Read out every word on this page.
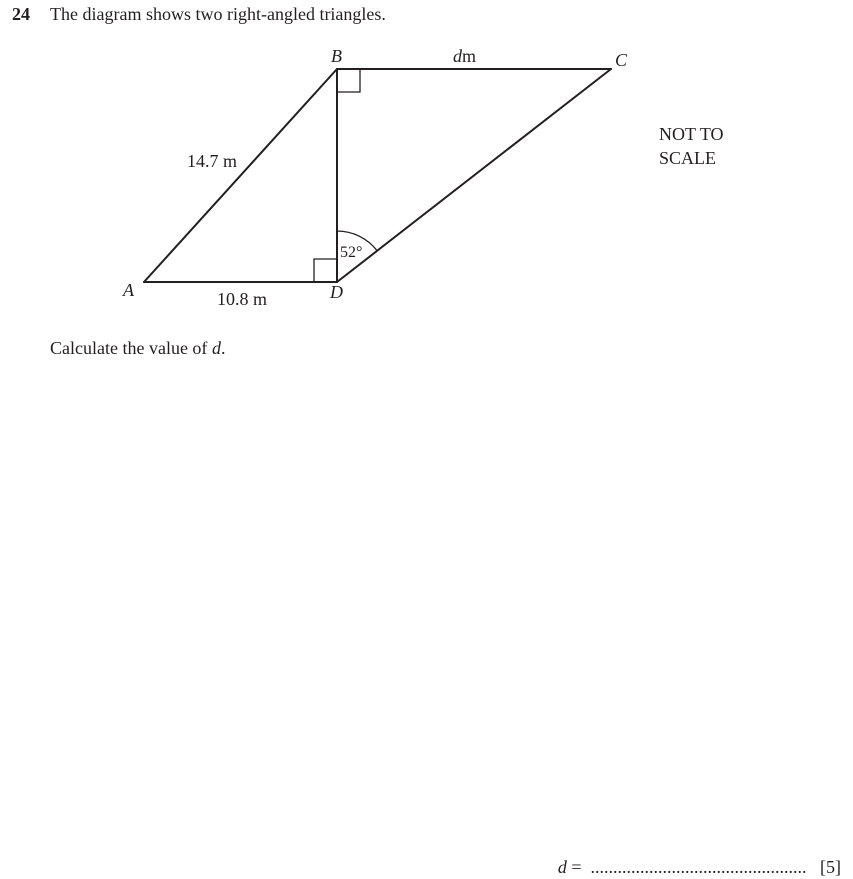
24 The diagram shows two right-angled triangles.
A
B	C
D
14.7 m
10.8 m
dm
52°
NOT TO
SCALE
Calculate the value of d.
d =  ................................................ [5]
